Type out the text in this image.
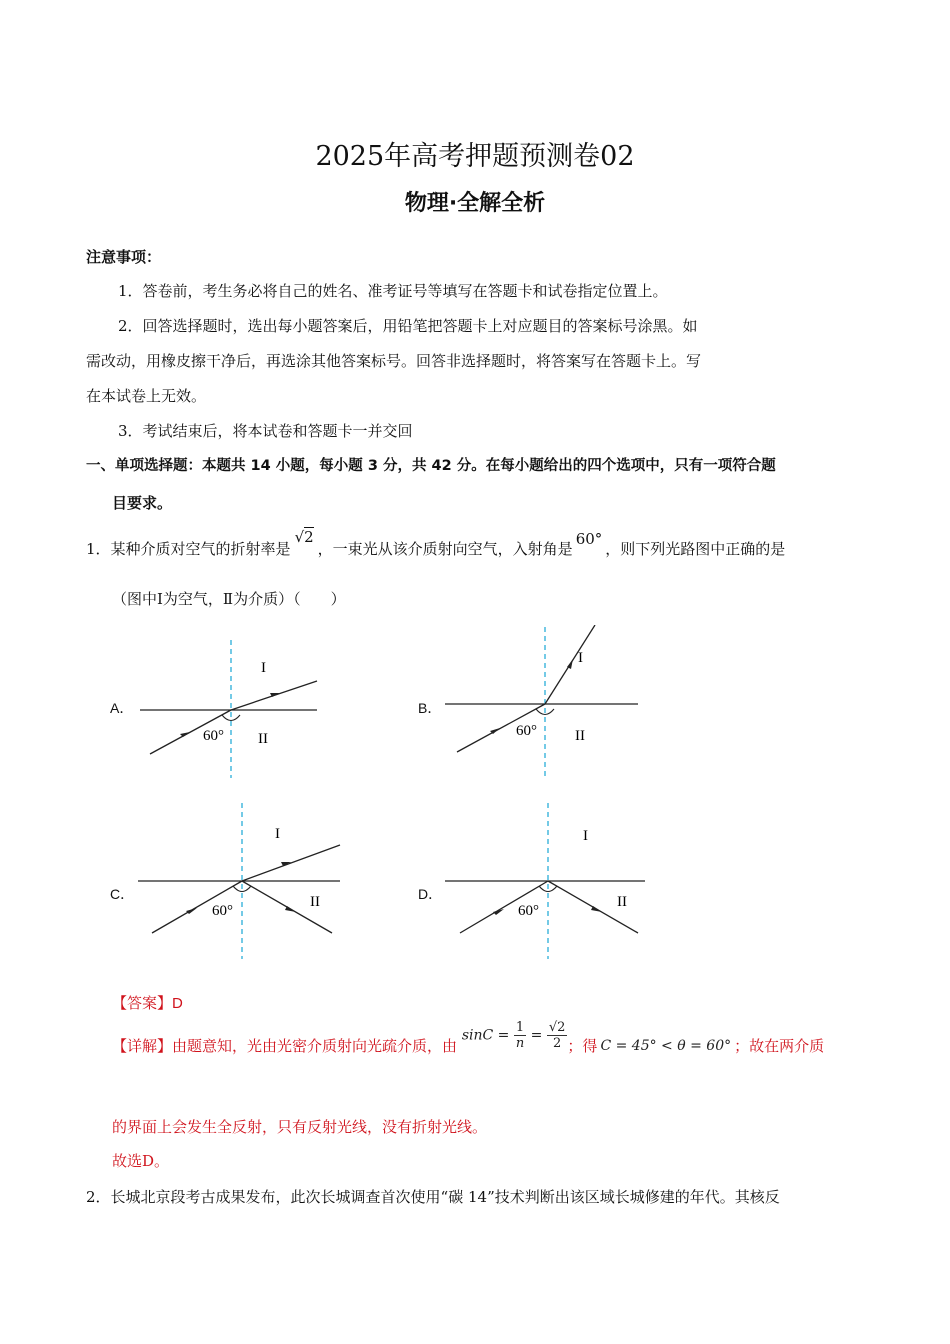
2025年高考押题预测卷02
物理·全解全析
注意事项：
1．答卷前，考生务必将自己的姓名、准考证号等填写在答题卡和试卷指定位置上。
2．回答选择题时，选出每小题答案后，用铅笔把答题卡上对应题目的答案标号涂黑。如
需改动，用橡皮擦干净后，再选涂其他答案标号。回答非选择题时，将答案写在答题卡上。写
在本试卷上无效。
3．考试结束后，将本试卷和答题卡一并交回
一、单项选择题：本题共 14 小题，每小题 3 分，共 42 分。在每小题给出的四个选项中，只有一项符合题
目要求。
1．某种介质对空气的折射率是√2，一束光从该介质射向空气，入射角是60°，则下列光路图中正确的是
（图中Ⅰ为空气，Ⅱ为介质）（　　）
A．
60°
I
II
B．
60°
I
II
C．
60°
I
II	D．
60°
I
II
【答案】D
【详解】由题意知，光由光密介质射向光疏介质，由 $\sin C = \frac{1}{n} = \frac{√2}{2}$ ；得 C = 45° < θ = 60° ；故在两介质
的界面上会发生全反射，只有反射光线，没有折射光线。
故选D。
2．长城北京段考古成果发布，此次长城调查首次使用“碳 14”技术判断出该区域长城修建的年代。其核反
